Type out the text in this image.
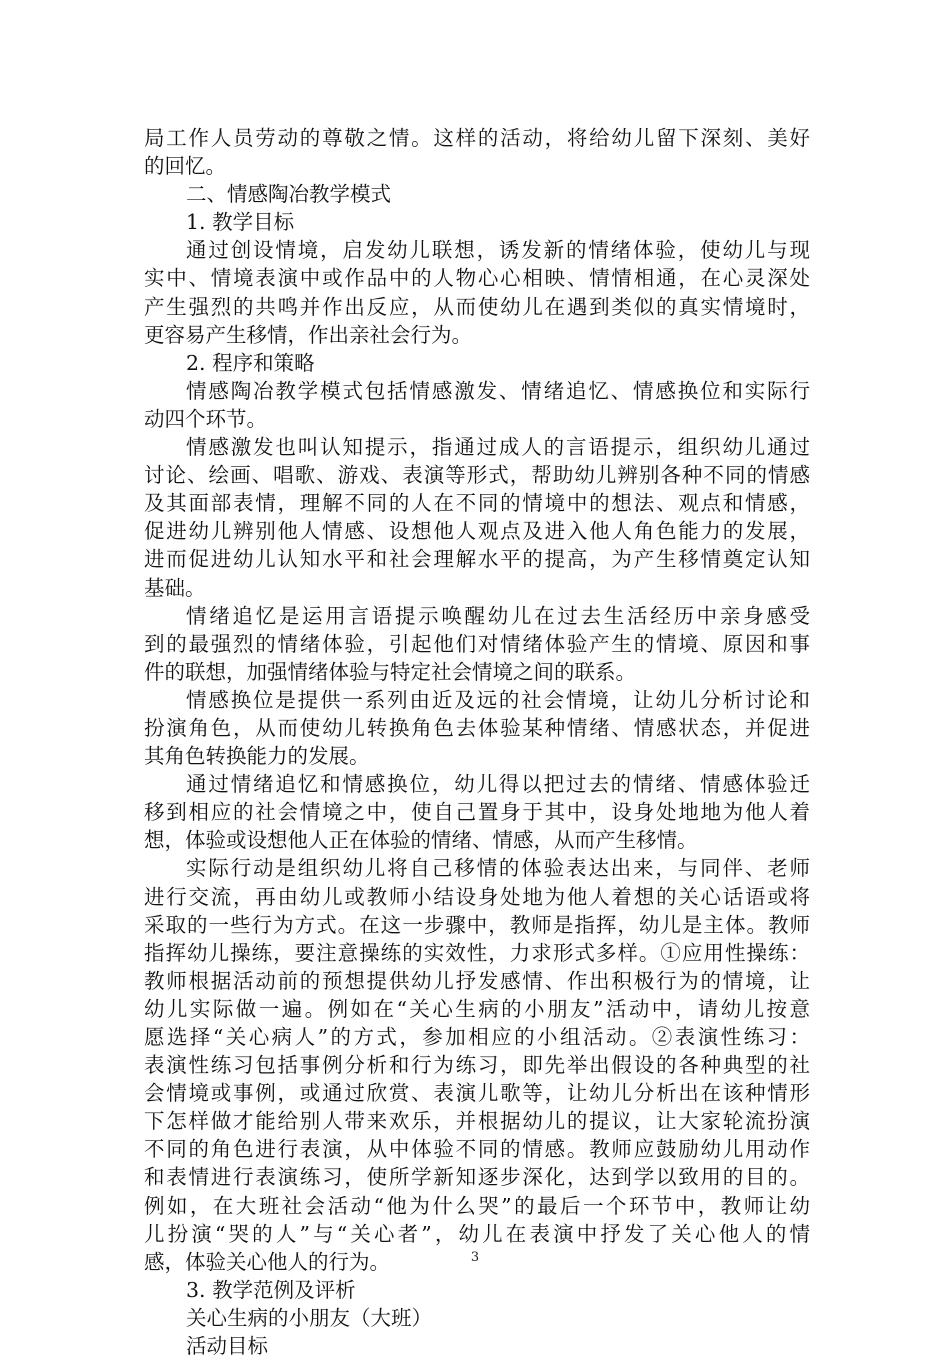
局工作人员劳动的尊敬之情。这样的活动，将给幼儿留下深刻、美好
的回忆。
二、情感陶冶教学模式
1. 教学目标
通过创设情境，启发幼儿联想，诱发新的情绪体验，使幼儿与现
实中、情境表演中或作品中的人物心心相映、情情相通，在心灵深处
产生强烈的共鸣并作出反应，从而使幼儿在遇到类似的真实情境时，
更容易产生移情，作出亲社会行为。
2. 程序和策略
情感陶冶教学模式包括情感激发、情绪追忆、情感换位和实际行
动四个环节。
情感激发也叫认知提示，指通过成人的言语提示，组织幼儿通过
讨论、绘画、唱歌、游戏、表演等形式，帮助幼儿辨别各种不同的情感
及其面部表情，理解不同的人在不同的情境中的想法、观点和情感，
促进幼儿辨别他人情感、设想他人观点及进入他人角色能力的发展，
进而促进幼儿认知水平和社会理解水平的提高，为产生移情奠定认知
基础。
情绪追忆是运用言语提示唤醒幼儿在过去生活经历中亲身感受
到的最强烈的情绪体验，引起他们对情绪体验产生的情境、原因和事
件的联想，加强情绪体验与特定社会情境之间的联系。
情感换位是提供一系列由近及远的社会情境，让幼儿分析讨论和
扮演角色，从而使幼儿转换角色去体验某种情绪、情感状态，并促进
其角色转换能力的发展。
通过情绪追忆和情感换位，幼儿得以把过去的情绪、情感体验迁
移到相应的社会情境之中，使自己置身于其中，设身处地地为他人着
想，体验或设想他人正在体验的情绪、情感，从而产生移情。
实际行动是组织幼儿将自己移情的体验表达出来，与同伴、老师
进行交流，再由幼儿或教师小结设身处地为他人着想的关心话语或将
采取的一些行为方式。在这一步骤中，教师是指挥，幼儿是主体。教师
指挥幼儿操练，要注意操练的实效性，力求形式多样。①应用性操练：
教师根据活动前的预想提供幼儿抒发感情、作出积极行为的情境，让
幼儿实际做一遍。例如在“关心生病的小朋友”活动中，请幼儿按意
愿选择“关心病人”的方式，参加相应的小组活动。②表演性练习：
表演性练习包括事例分析和行为练习，即先举出假设的各种典型的社
会情境或事例，或通过欣赏、表演儿歌等，让幼儿分析出在该种情形
下怎样做才能给别人带来欢乐，并根据幼儿的提议，让大家轮流扮演
不同的角色进行表演，从中体验不同的情感。教师应鼓励幼儿用动作
和表情进行表演练习，使所学新知逐步深化，达到学以致用的目的。
例如，在大班社会活动“他为什么哭”的最后一个环节中，教师让幼
儿扮演“哭的人”与“关心者”，幼儿在表演中抒发了关心他人的情
感，体验关心他人的行为。
3. 教学范例及评析
关心生病的小朋友（大班）
活动目标
3
